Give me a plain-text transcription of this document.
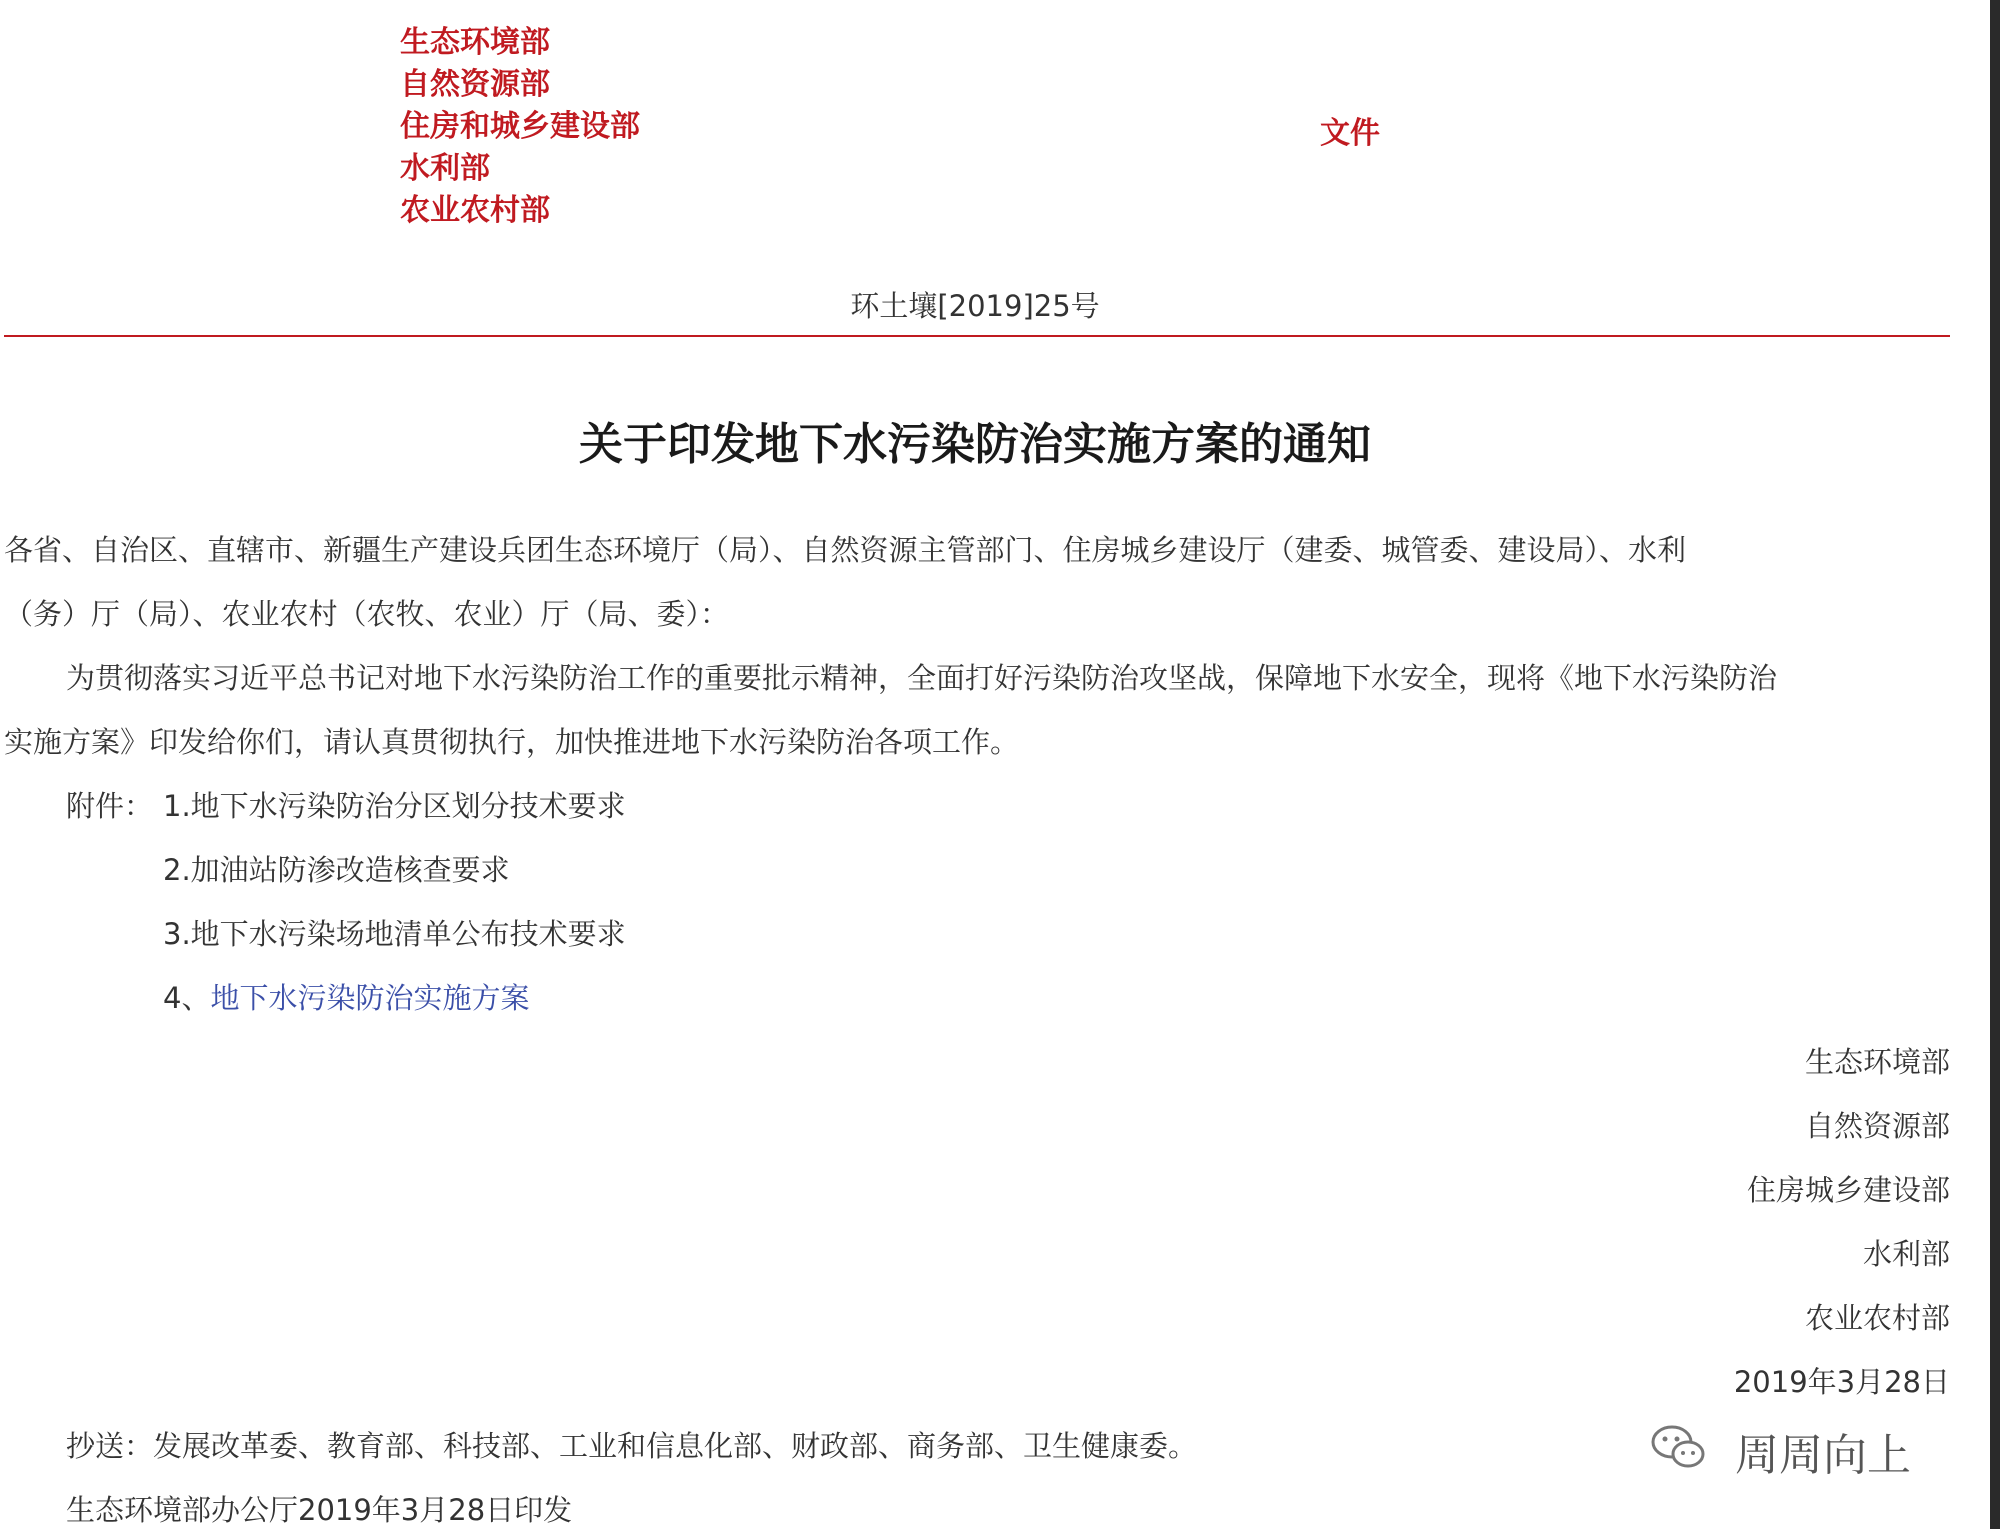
生态环境部
自然资源部
住房和城乡建设部
水利部
农业农村部
文件
环土壤[2019]25号
关于印发地下水污染防治实施方案的通知
各省、自治区、直辖市、新疆生产建设兵团生态环境厅（局）、自然资源主管部门、住房城乡建设厅（建委、城管委、建设局）、水利
（务）厅（局）、农业农村（农牧、农业）厅（局、委）：
为贯彻落实习近平总书记对地下水污染防治工作的重要批示精神，全面打好污染防治攻坚战，保障地下水安全，现将《地下水污染防治
实施方案》印发给你们，请认真贯彻执行，加快推进地下水污染防治各项工作。
附件： 1.地下水污染防治分区划分技术要求
2.加油站防渗改造核查要求
3.地下水污染场地清单公布技术要求
4、地下水污染防治实施方案
生态环境部
自然资源部
住房城乡建设部
水利部
农业农村部
2019年3月28日
抄送：发展改革委、教育部、科技部、工业和信息化部、财政部、商务部、卫生健康委。
生态环境部办公厅2019年3月28日印发
周周向上
